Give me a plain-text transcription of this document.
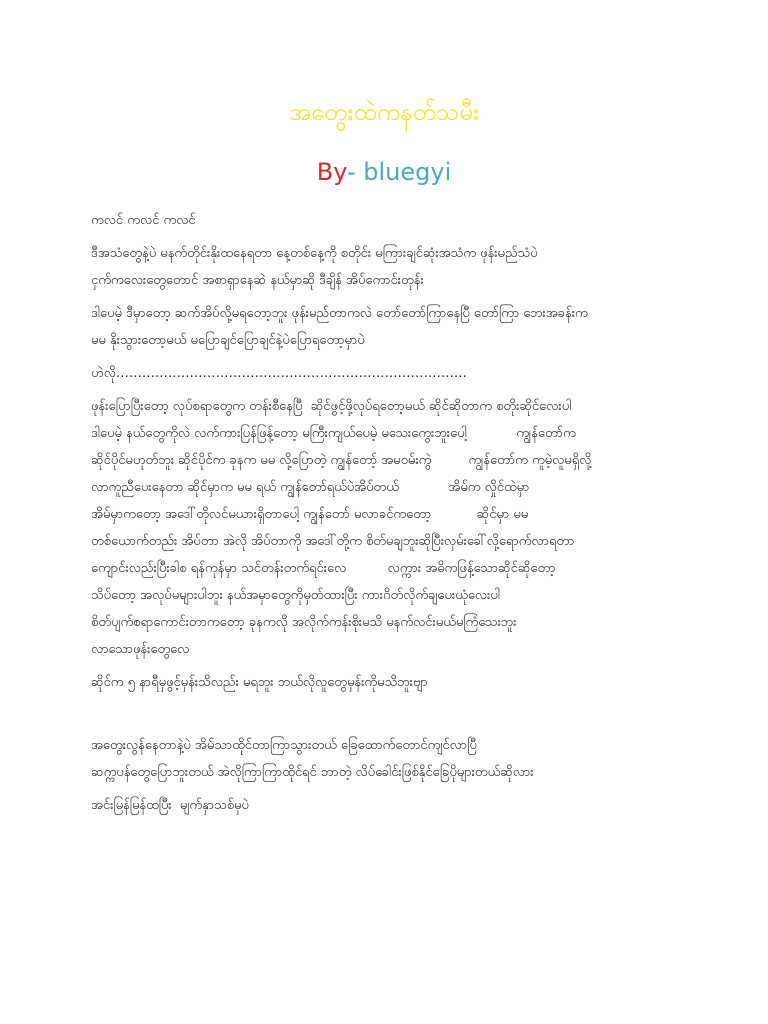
အတွေးထဲကနတ်သမီး
By- bluegyi
ကလင် ကလင် ကလင်
ဒီအသံတွေနဲ့ပဲ မနက်တိုင်းနိုးထနေရတာ နေ့တစ်နေ့ကို စတိုင်း မကြားချင်ဆုံးအသံက ဖုန်းမည်သံပဲ
ငှက်ကလေးတွေတောင် အစာရှာနေဆဲ နယ်မှာဆို ဒီချိန် အိပ်ကောင်းတုန်း
ဒါပေမဲ့ ဒီမှာတော့ ဆက်အိပ်လို့မရတော့ဘူး ဖုန်းမည်တာကလဲ တော်တော်ကြာနေပြီ တော်ကြာ ဘေးအခန်းက
မမ နိုးသွားတော့မယ် မပြောချင်ပြောချင်နဲ့ပဲပြောရတော့မှာပဲ
ဟဲလို………………………………………………………………………
ဖုန်းပြောပြီးတော့ လုပ်စရာတွေက တန်းစီနေပြီ  ဆိုင်ဖွင့်ဖို့လုပ်ရတော့မယ် ဆိုင်ဆိုတာက စတိုးဆိုင်လေးပါ
ဒါပေမဲ့ နယ်တွေကိုလဲ လက်ကားပြန်ဖြန့်တော့ မကြီးကျယ်ပေမဲ့ မသေးကွေးဘူးပေါ့            ကျွန်တော်က
ဆိုင်ပိုင်မဟုတ်ဘူး ဆိုင်ပိုင်က ခုနက မမ လို့ပြောတဲ့ ကျွန်တော့် အမဝမ်းကွဲ         ကျွန်တော်က ကူမဲ့လူမရှိလို့
လာကူညီပေးနေတာ ဆိုင်မှာက မမ ရယ် ကျွန်တော်ရယ်ပဲအိပ်တယ်            အိမ်က လှိုင်ထဲမှာ
အိမ်မှာကတော့ အဒေါ်တိုလင်မယားရှိတာပေါ့ ကျွန်တော် မလာခင်ကတော့           ဆိုင်မှာ မမ
တစ်ယောက်တည်း အိပ်တာ အဲလို အိပ်တာကို အဒေါ်တို့က စိတ်မချဘူးဆိုပြီးလှမ်းခေါ်လို့ရောက်လာရတာ
ကျောင်းလည်းပြီးခါစ ရန်ကုန်မှာ သင်တန်းတက်ရင်းလေ          လက္ကား အဓိကဖြန့်သောဆိုင်ဆိုတော့
သိပ်တော့ အလုပ်မများပါဘူး နယ်အမှာတွေကိုမှတ်ထားပြီး ကားဂိတ်လိုက်ချပေးယုံလေးပါ
စိတ်ပျက်စရာကောင်းတာကတော့ ခုနကလို အလိုက်ကန်းစိုးမသိ မနက်လင်းမယ်မကြံသေးဘူး
လာသောဖုန်းတွေလေ
ဆိုင်က ၅ နာရီမှဖွင့်မှန်းသိလည်း မရဘူး ဘယ်လိုလူတွေမှန်းကိုမသိဘူးဗျာ
အတွေးလွန်နေတာနဲ့ပဲ အိမ်သာထိုင်တာကြာသွားတယ် ခြေထောက်တောင်ကျင်လာပြီ
ဆက္ကပန်တွေပြောဘူးတယ် အဲလိုကြာကြာထိုင်ရင် ဘာတဲ့ လိပ်ခေါင်းဖြစ်နိုင်ခြေပိုများတယ်ဆိုလား
အင်းမြန်မြန်ထပြီး  မျက်နှာသစ်မှပဲ
